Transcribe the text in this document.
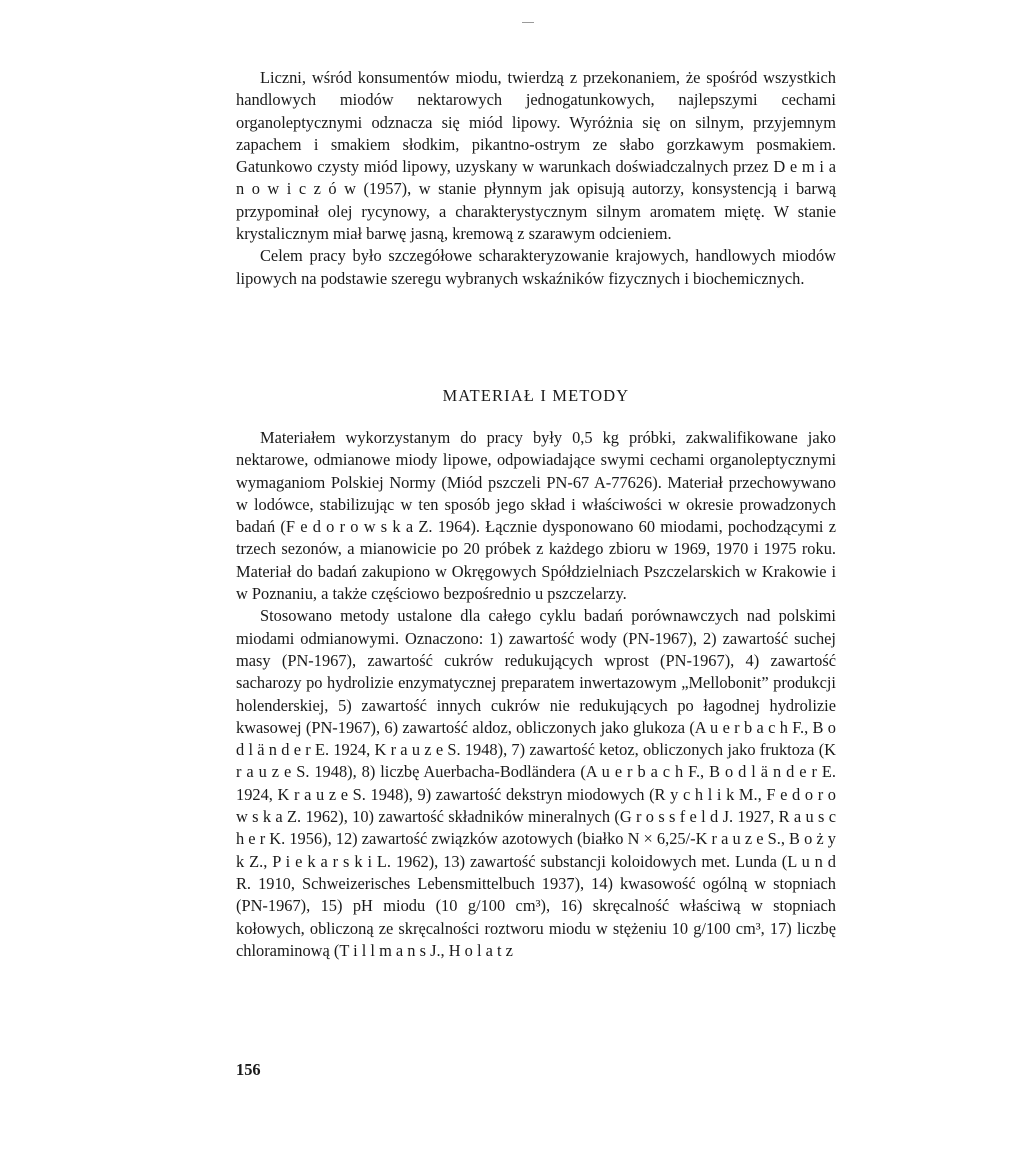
Liczni, wśród konsumentów miodu, twierdzą z przekonaniem, że spośród wszystkich handlowych miodów nektarowych jednogatunkowych, najlepszymi cechami organoleptycznymi odznacza się miód lipowy. Wyróżnia się on silnym, przyjemnym zapachem i smakiem słodkim, pikantno-ostrym ze słabo gorzkawym posmakiem. Gatunkowo czysty miód lipowy, uzyskany w warunkach doświadczalnych przez D e m i a n o w i c z ó w (1957), w stanie płynnym jak opisują autorzy, konsystencją i barwą przypominał olej rycynowy, a charakterystycznym silnym aromatem miętę. W stanie krystalicznym miał barwę jasną, kremową z szarawym odcieniem.

Celem pracy było szczegółowe scharakteryzowanie krajowych, handlowych miodów lipowych na podstawie szeregu wybranych wskaźników fizycznych i biochemicznych.

MATERIAŁ I METODY

Materiałem wykorzystanym do pracy były 0,5 kg próbki, zakwalifikowane jako nektarowe, odmianowe miody lipowe, odpowiadające swymi cechami organoleptycznymi wymaganiom Polskiej Normy (Miód pszczeli PN-67 A-77626). Materiał przechowywano w lodówce, stabilizując w ten sposób jego skład i właściwości w okresie prowadzonych badań (F e d o r o w s k a Z. 1964). Łącznie dysponowano 60 miodami, pochodzącymi z trzech sezonów, a mianowicie po 20 próbek z każdego zbioru w 1969, 1970 i 1975 roku. Materiał do badań zakupiono w Okręgowych Spółdzielniach Pszczelarskich w Krakowie i w Poznaniu, a także częściowo bezpośrednio u pszczelarzy.

Stosowano metody ustalone dla całego cyklu badań porównawczych nad polskimi miodami odmianowymi. Oznaczono: 1) zawartość wody (PN-1967), 2) zawartość suchej masy (PN-1967), zawartość cukrów redukujących wprost (PN-1967), 4) zawartość sacharozy po hydrolizie enzymatycznej preparatem inwertazowym „Mellobonit” produkcji holenderskiej, 5) zawartość innych cukrów nie redukujących po łagodnej hydrolizie kwasowej (PN-1967), 6) zawartość aldoz, obliczonych jako glukoza (A u e r b a c h F., B o d l ä n d e r E. 1924, K r a u z e S. 1948), 7) zawartość ketoz, obliczonych jako fruktoza (K r a u z e S. 1948), 8) liczbę Auerbacha-Bodländera (A u e r b a c h F., B o d l ä n d e r E. 1924, K r a u z e S. 1948), 9) zawartość dekstryn miodowych (R y c h l i k M., F e d o r o w s k a Z. 1962), 10) zawartość składników mineralnych (G r o s s f e l d J. 1927, R a u s c h e r K. 1956), 12) zawartość związków azotowych (białko N × 6,25/-K r a u z e S., B o ż y k Z., P i e k a r s k i L. 1962), 13) zawartość substancji koloidowych met. Lunda (L u n d R. 1910, Schweizerisches Lebensmittelbuch 1937), 14) kwasowość ogólną w stopniach (PN-1967), 15) pH miodu (10 g/100 cm³), 16) skręcalność właściwą w stopniach kołowych, obliczoną ze skręcalności roztworu miodu w stężeniu 10 g/100 cm³, 17) liczbę chloraminową (T i l l m a n s J., H o l a t z

156
